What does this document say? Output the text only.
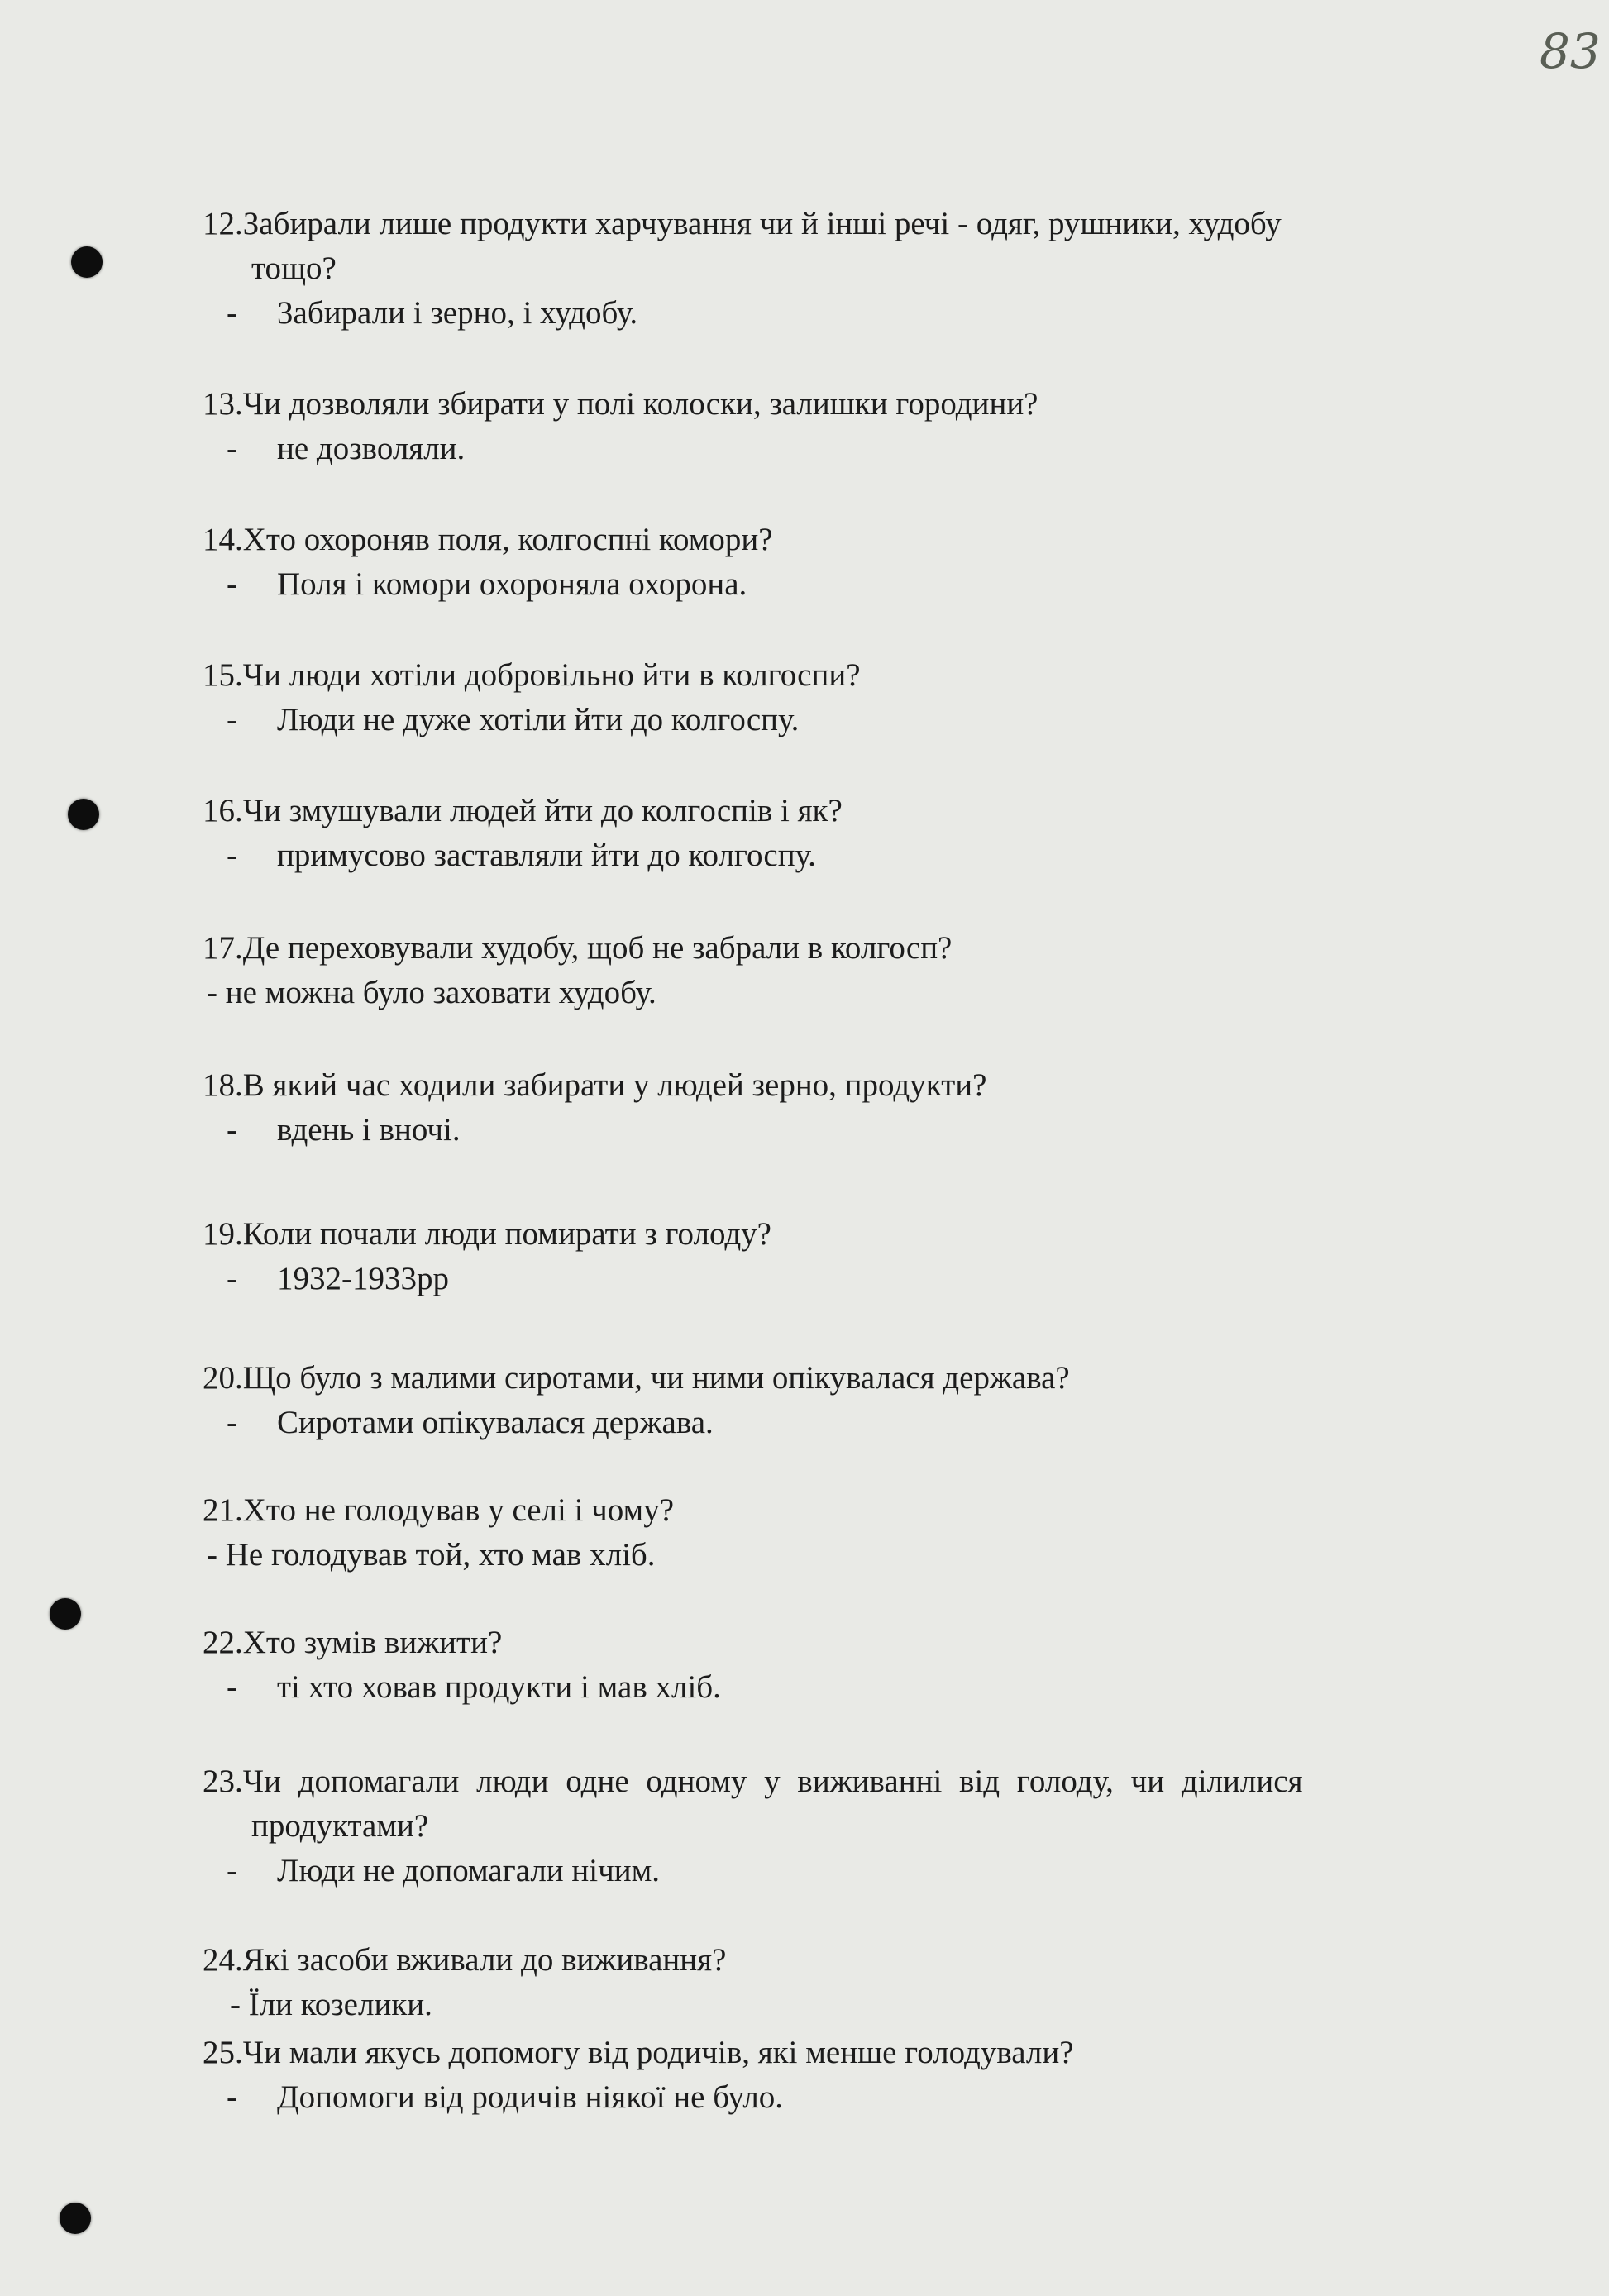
83
12.Забирали лише продукти харчування чи й інші речі - одяг, рушники, худобу
тощо?
- Забирали і зерно, і худобу.
13.Чи дозволяли збирати у полі колоски, залишки городини?
- не дозволяли.
14.Хто охороняв поля, колгоспні комори?
- Поля і комори охороняла охорона.
15.Чи люди хотіли добровільно йти в колгоспи?
- Люди не дуже хотіли йти до колгоспу.
16.Чи змушували людей йти до колгоспів і як?
- примусово заставляли йти до колгоспу.
17.Де переховували худобу, щоб не забрали в колгосп?
- не можна було заховати худобу.
18.В який час ходили забирати у людей зерно, продукти?
- вдень і вночі.
19.Коли почали люди помирати з голоду?
- 1932-1933рр
20.Що було з малими сиротами, чи ними опікувалася держава?
- Сиротами опікувалася держава.
21.Хто не голодував у селі і чому?
- Не голодував той, хто мав хліб.
22.Хто зумів вижити?
- ті хто ховав продукти і мав хліб.
23.Чи допомагали люди одне одному у виживанні від голоду, чи ділилися
продуктами?
- Люди не допомагали нічим.
24.Які засоби вживали до виживання?
- Їли козелики.
25.Чи мали якусь допомогу від родичів, які менше голодували?
- Допомоги від родичів ніякої не було.
